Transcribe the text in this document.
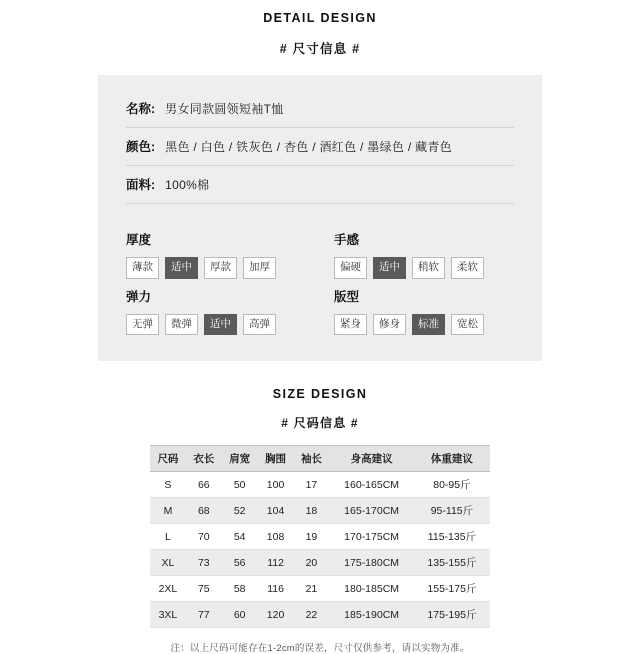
DETAIL DESIGN
# 尺寸信息 #
名称: 男女同款圆领短袖T恤
颜色: 黑色 / 白色 / 铁灰色 / 杏色 / 酒红色 / 墨绿色 / 藏青色
面料: 100%棉
厚度
薄款	适中	厚款	加厚
手感
偏硬	适中	稍软	柔软
弹力
无弹	微弹	适中	高弹
版型
紧身	修身	标准	宽松
SIZE DESIGN
# 尺码信息 #
尺码	衣长	肩宽	胸围	袖长	身高建议	体重建议
S	66	50	100	17	160-165CM	80-95斤
M	68	52	104	18	165-170CM	95-115斤
L	70	54	108	19	170-175CM	115-135斤
XL	73	56	112	20	175-180CM	135-155斤
2XL	75	58	116	21	180-185CM	155-175斤
3XL	77	60	120	22	185-190CM	175-195斤
注：以上尺码可能存在1-2cm的误差，尺寸仅供参考，请以实物为准。
